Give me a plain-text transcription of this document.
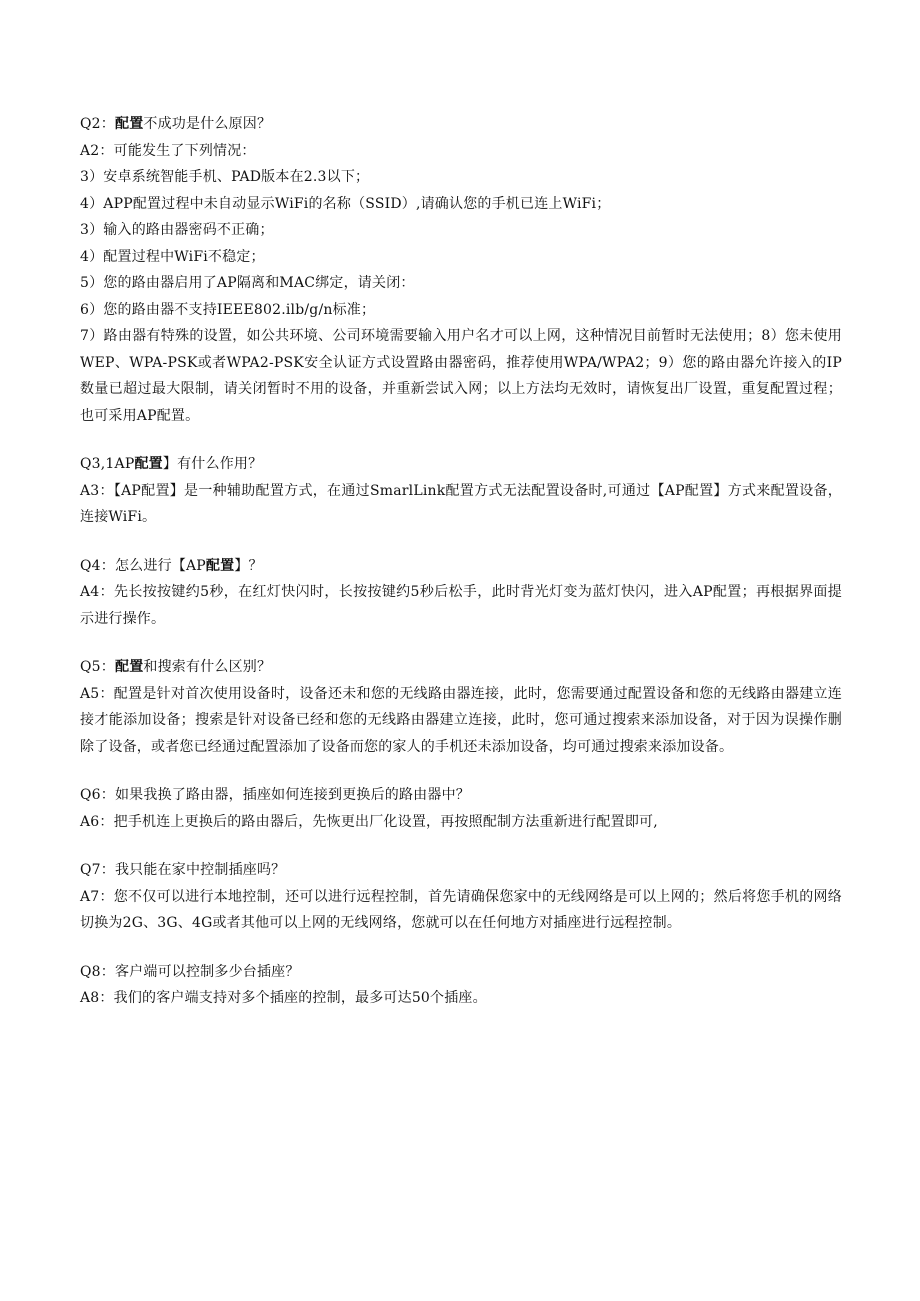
Q2：配置不成功是什么原因？
A2：可能发生了下列情况：
3）安卓系统智能手机、PAD版本在2.3以下；
4）APP配置过程中未自动显示WiFi的名称（SSID）,请确认您的手机已连上WiFi；
3）输入的路由器密码不正确；
4）配置过程中WiFi不稳定；
5）您的路由器启用了AP隔离和MAC绑定，请关闭：
6）您的路由器不支持IEEE802.ilb/g/n标准；
7）路由器有特殊的设置，如公共环境、公司环境需要输入用户名才可以上网，这种情况目前暂时无法使用；8）您未使用WEP、WPA-PSK或者WPA2-PSK安全认证方式设置路由器密码，推荐使用WPA/WPA2；9）您的路由器允许接入的IP数量已超过最大限制，请关闭暂时不用的设备，并重新尝试入网；以上方法均无效时，请恢复出厂设置，重复配置过程；也可采用AP配置。
Q3,1AP配置】有什么作用？
A3：【AP配置】是一种辅助配置方式，在通过SmarlLink配置方式无法配置设备时,可通过【AP配置】方式来配置设备，连接WiFi。
Q4：怎么进行【AP配置】？
A4：先长按按键约5秒，在红灯快闪时，长按按键约5秒后松手，此时背光灯变为蓝灯快闪，进入AP配置；再根据界面提示进行操作。
Q5：配置和搜索有什么区别？
A5：配置是针对首次使用设备时，设备还未和您的无线路由器连接，此时，您需要通过配置设备和您的无线路由器建立连接才能添加设备；搜索是针对设备已经和您的无线路由器建立连接，此时，您可通过搜索来添加设备，对于因为误操作删除了设备，或者您已经通过配置添加了设备而您的家人的手机还未添加设备，均可通过搜索来添加设备。
Q6：如果我换了路由器，插座如何连接到更换后的路由器中？
A6：把手机连上更换后的路由器后，先恢更出厂化设置，再按照配制方法重新进行配置即可,
Q7：我只能在家中控制插座吗？
A7：您不仅可以进行本地控制，还可以进行远程控制，首先请确保您家中的无线网络是可以上网的；然后将您手机的网络切换为2G、3G、4G或者其他可以上网的无线网络，您就可以在任何地方对插座进行远程控制。
Q8：客户端可以控制多少台插座？
A8：我们的客户端支持对多个插座的控制，最多可达50个插座。
